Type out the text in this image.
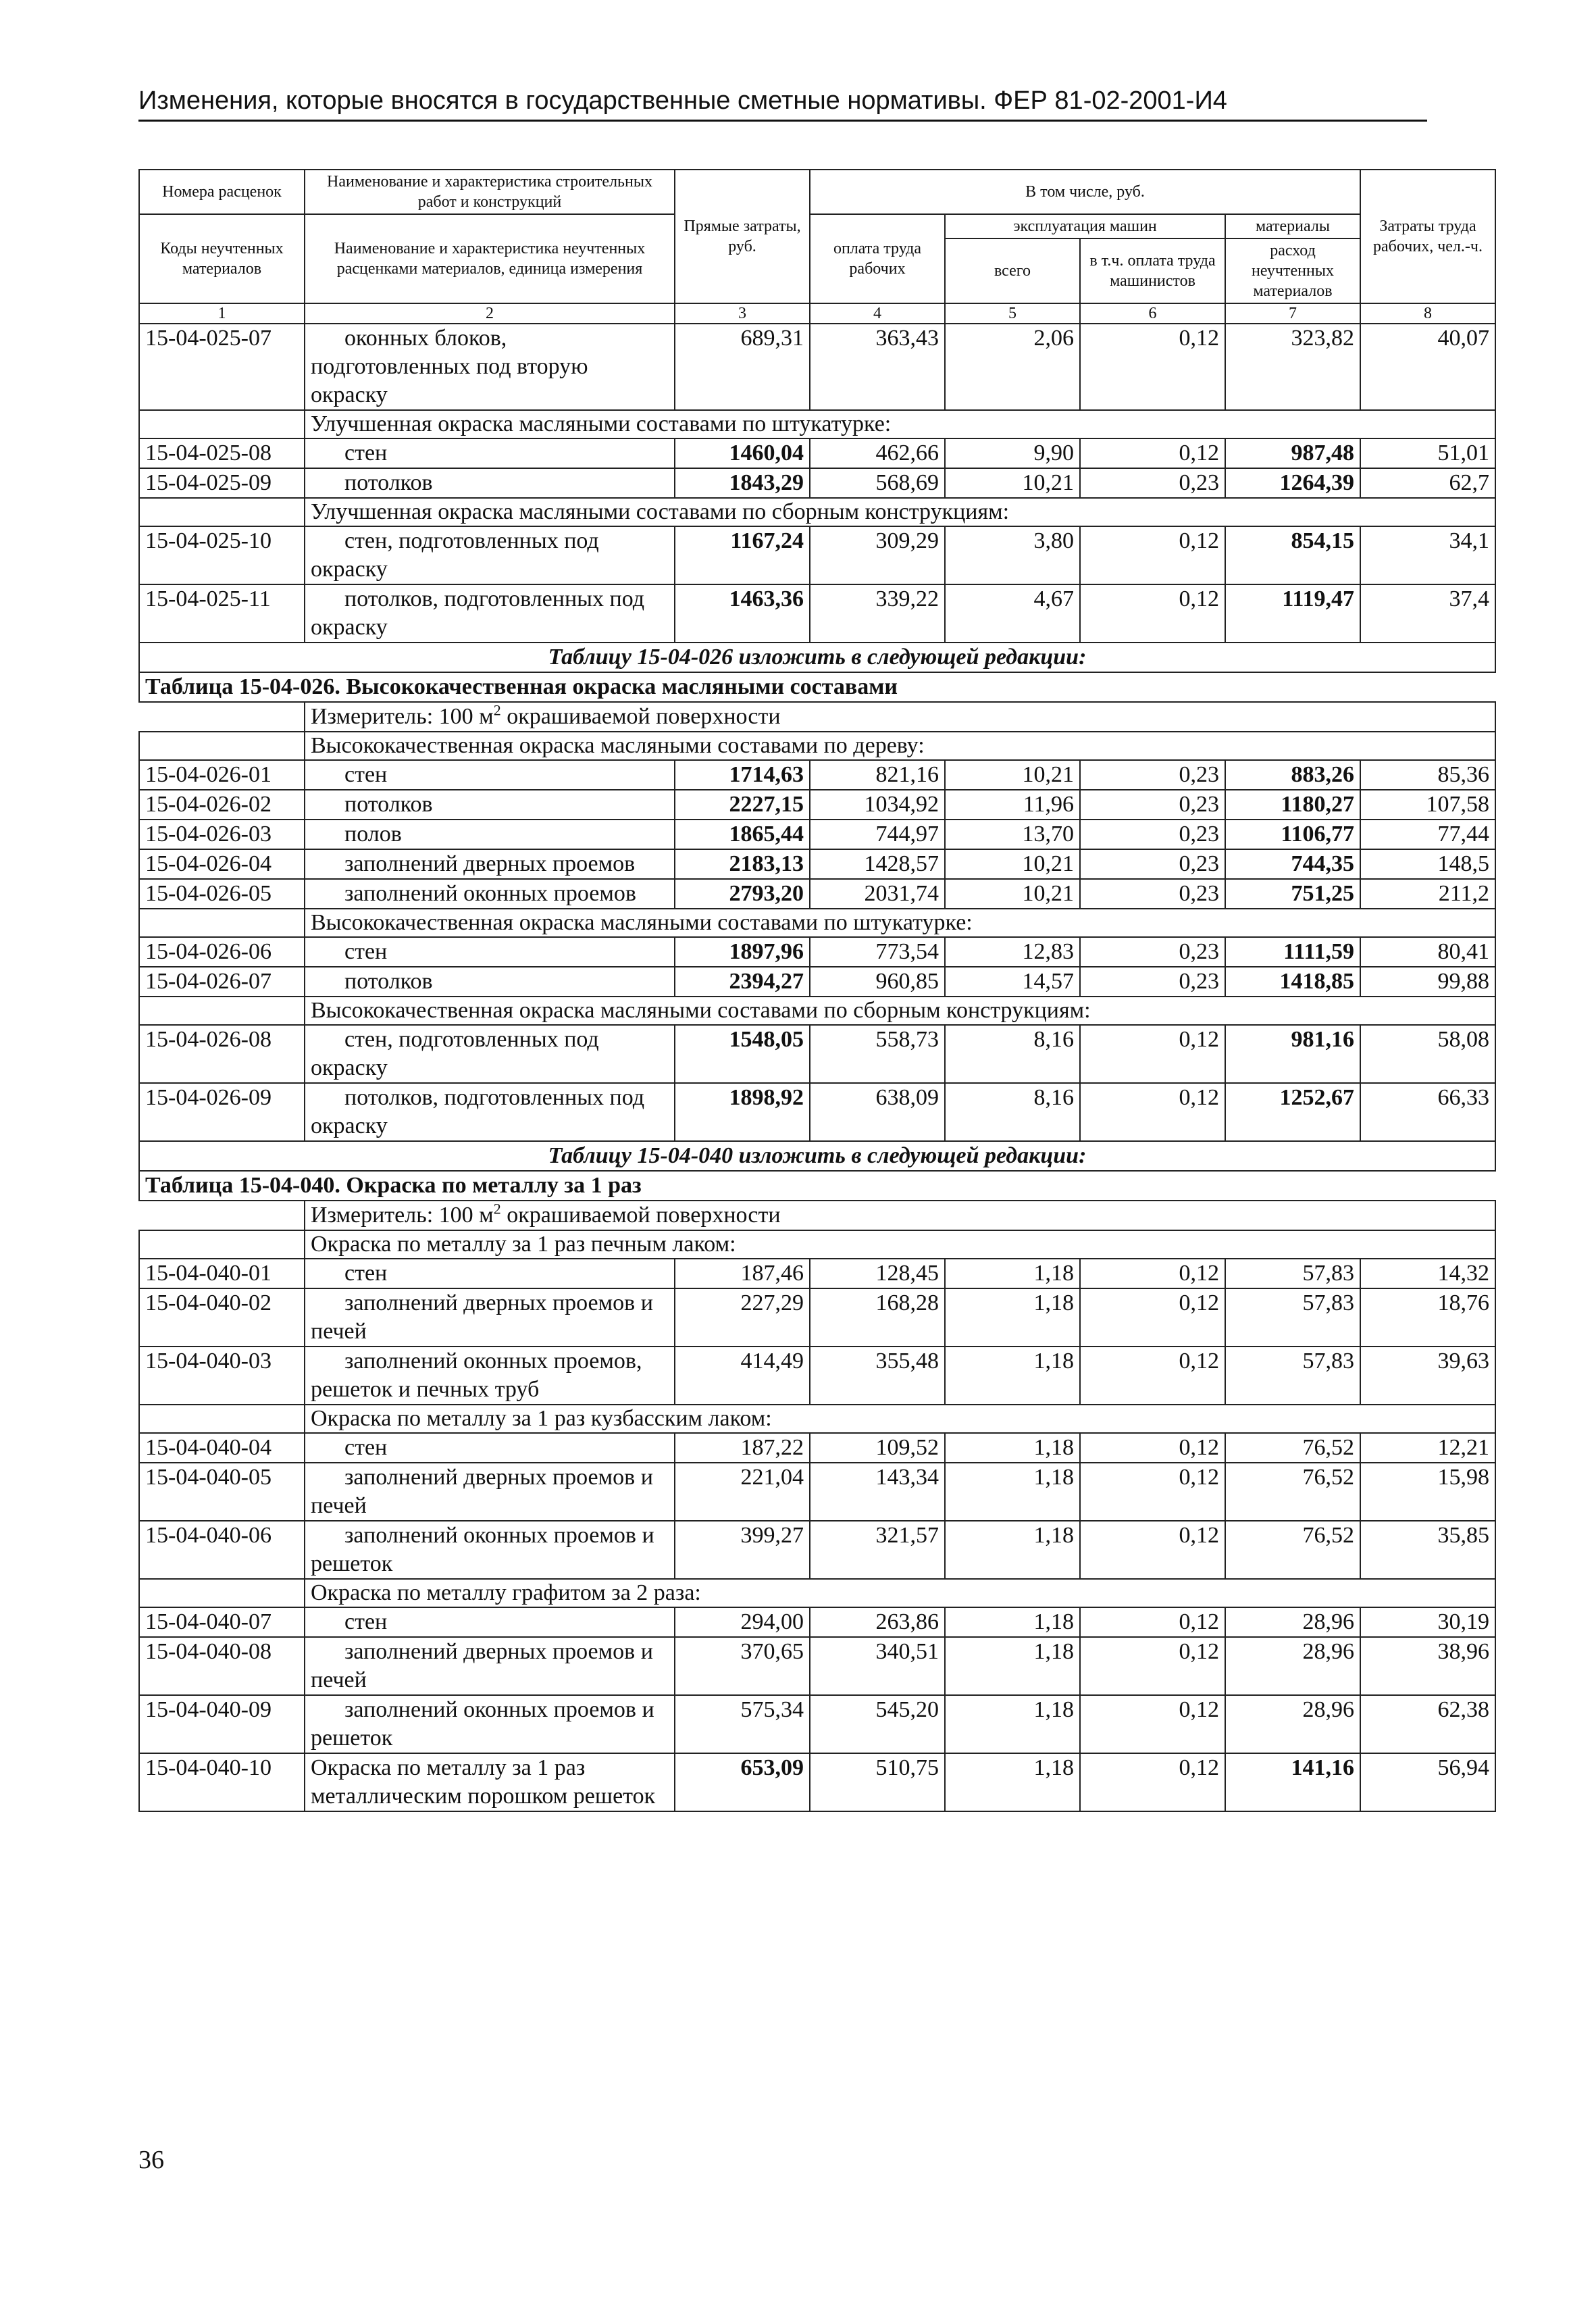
Изменения, которые вносятся в государственные сметные нормативы. ФЕР 81-02-2001-И4
Номера расценок	Наименование и характеристика строительных работ и конструкций	Прямые затраты, руб.	В том числе, руб.				Затраты труда рабочих, чел.-ч.
Коды неучтенных материалов	Наименование и характеристика неучтенных расценками материалов, единица измерения		оплата труда рабочих	эксплуатация машин		материалы	
				всего	в т.ч. оплата труда машинистов	расход неучтенных материалов	
1	2	3	4	5	6	7	8
15-04-025-07	оконных блоков, подготовленных под вторую окраску	689,31	363,43	2,06	0,12	323,82	40,07
	Улучшенная окраска масляными составами по штукатурке:						
15-04-025-08	стен	1460,04	462,66	9,90	0,12	987,48	51,01
15-04-025-09	потолков	1843,29	568,69	10,21	0,23	1264,39	62,7
	Улучшенная окраска масляными составами по сборным конструкциям:						
15-04-025-10	стен, подготовленных под окраску	1167,24	309,29	3,80	0,12	854,15	34,1
15-04-025-11	потолков, подготовленных под окраску	1463,36	339,22	4,67	0,12	1119,47	37,4
Таблицу 15-04-026 изложить в следующей редакции:							
Таблица 15-04-026. Высококачественная окраска масляными составами							
	Измеритель: 100 $м^2$ окрашиваемой поверхности						
	Высококачественная окраска масляными составами по дереву:						
15-04-026-01	стен	1714,63	821,16	10,21	0,23	883,26	85,36
15-04-026-02	потолков	2227,15	1034,92	11,96	0,23	1180,27	107,58
15-04-026-03	полов	1865,44	744,97	13,70	0,23	1106,77	77,44
15-04-026-04	заполнений дверных проемов	2183,13	1428,57	10,21	0,23	744,35	148,5
15-04-026-05	заполнений оконных проемов	2793,20	2031,74	10,21	0,23	751,25	211,2
	Высококачественная окраска масляными составами по штукатурке:						
15-04-026-06	стен	1897,96	773,54	12,83	0,23	1111,59	80,41
15-04-026-07	потолков	2394,27	960,85	14,57	0,23	1418,85	99,88
	Высококачественная окраска масляными составами по сборным конструкциям:						
15-04-026-08	стен, подготовленных под окраску	1548,05	558,73	8,16	0,12	981,16	58,08
15-04-026-09	потолков, подготовленных под окраску	1898,92	638,09	8,16	0,12	1252,67	66,33
Таблицу 15-04-040 изложить в следующей редакции:							
Таблица 15-04-040. Окраска по металлу за 1 раз							
	Измеритель: 100 $м^2$ окрашиваемой поверхности						
	Окраска по металлу за 1 раз печным лаком:						
15-04-040-01	стен	187,46	128,45	1,18	0,12	57,83	14,32
15-04-040-02	заполнений дверных проемов и печей	227,29	168,28	1,18	0,12	57,83	18,76
15-04-040-03	заполнений оконных проемов, решеток и печных труб	414,49	355,48	1,18	0,12	57,83	39,63
	Окраска по металлу за 1 раз кузбасским лаком:						
15-04-040-04	стен	187,22	109,52	1,18	0,12	76,52	12,21
15-04-040-05	заполнений дверных проемов и печей	221,04	143,34	1,18	0,12	76,52	15,98
15-04-040-06	заполнений оконных проемов и решеток	399,27	321,57	1,18	0,12	76,52	35,85
	Окраска по металлу графитом за 2 раза:						
15-04-040-07	стен	294,00	263,86	1,18	0,12	28,96	30,19
15-04-040-08	заполнений дверных проемов и печей	370,65	340,51	1,18	0,12	28,96	38,96
15-04-040-09	заполнений оконных проемов и решеток	575,34	545,20	1,18	0,12	28,96	62,38
15-04-040-10	Окраска по металлу за 1 раз металлическим порошком решеток	653,09	510,75	1,18	0,12	141,16	56,94
36
